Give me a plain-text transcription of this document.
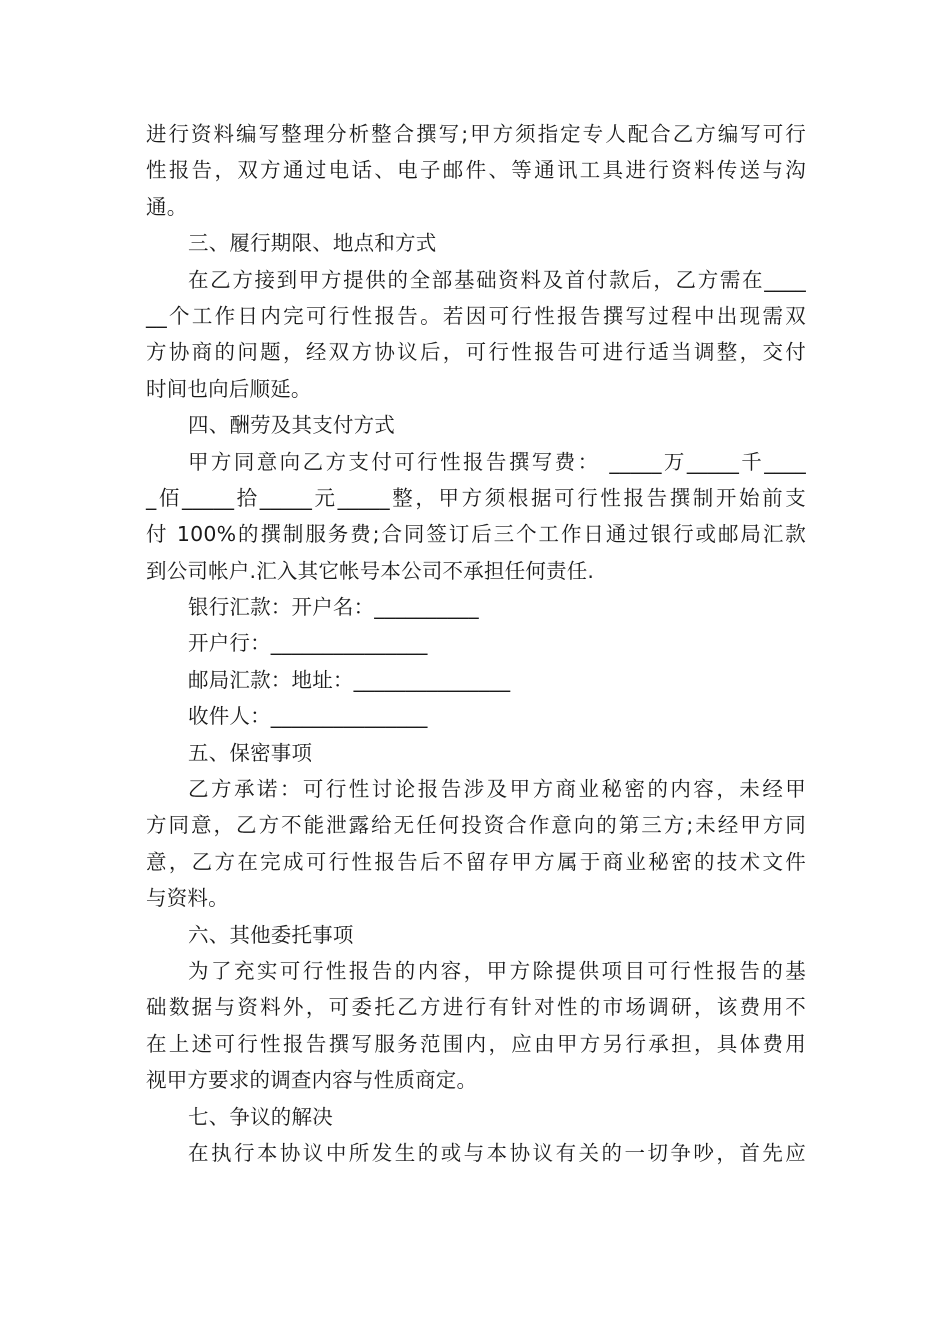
进行资料编写整理分析整合撰写;甲方须指定专人配合乙方编写可行
性报告，双方通过电话、电子邮件、等通讯工具进行资料传送与沟
通。
三、履行期限、地点和方式
在乙方接到甲方提供的全部基础资料及首付款后，乙方需在____
__个工作日内完可行性报告。若因可行性报告撰写过程中出现需双
方协商的问题，经双方协议后，可行性报告可进行适当调整，交付
时间也向后顺延。
四、酬劳及其支付方式
甲方同意向乙方支付可行性报告撰写费： _____万_____千____
_佰_____拾_____元_____整，甲方须根据可行性报告撰制开始前支
付 100%的撰制服务费;合同签订后三个工作日通过银行或邮局汇款
到公司帐户.汇入其它帐号本公司不承担任何责任.
银行汇款：开户名：__________
开户行：_______________
邮局汇款：地址：_______________
收件人：_______________
五、保密事项
乙方承诺：可行性讨论报告涉及甲方商业秘密的内容，未经甲
方同意，乙方不能泄露给无任何投资合作意向的第三方;未经甲方同
意，乙方在完成可行性报告后不留存甲方属于商业秘密的技术文件
与资料。
六、其他委托事项
为了充实可行性报告的内容，甲方除提供项目可行性报告的基
础数据与资料外，可委托乙方进行有针对性的市场调研，该费用不
在上述可行性报告撰写服务范围内，应由甲方另行承担，具体费用
视甲方要求的调查内容与性质商定。
七、争议的解决
在执行本协议中所发生的或与本协议有关的一切争吵，首先应
